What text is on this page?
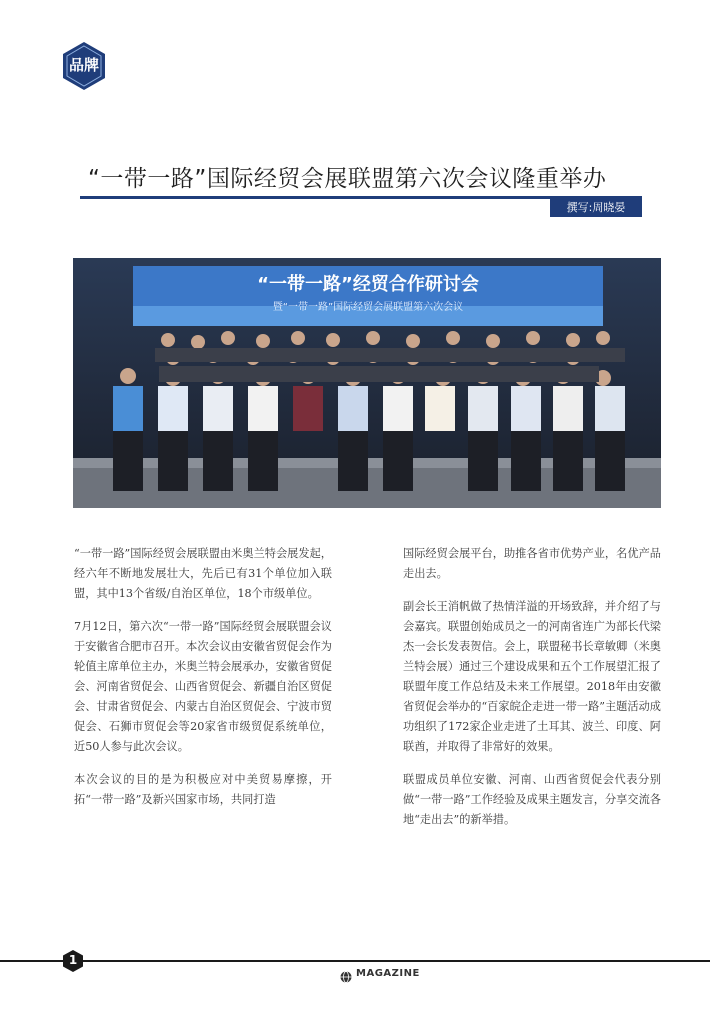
品牌
“一带一路”国际经贸会展联盟第六次会议隆重举办
撰写:周晓晏
“一带一路”经贸合作研讨会
暨“一带一路”国际经贸会展联盟第六次会议

“一带一路”国际经贸会展联盟由米奥兰特会展发起，经六年不断地发展壮大，先后已有31个单位加入联盟，其中13个省级/自治区单位，18个市级单位。

7月12日，第六次“一带一路”国际经贸会展联盟会议于安徽省合肥市召开。本次会议由安徽省贸促会作为轮值主席单位主办，米奥兰特会展承办，安徽省贸促会、河南省贸促会、山西省贸促会、新疆自治区贸促会、甘肃省贸促会、内蒙古自治区贸促会、宁波市贸促会、石狮市贸促会等20家省市级贸促系统单位，近50人参与此次会议。

本次会议的目的是为积极应对中美贸易摩擦，开拓“一带一路”及新兴国家市场，共同打造

国际经贸会展平台，助推各省市优势产业，名优产品走出去。

副会长王消帆做了热情洋溢的开场致辞，并介绍了与会嘉宾。联盟创始成员之一的河南省连广为部长代梁杰一会长发表贺信。会上，联盟秘书长章敏卿（米奥兰特会展）通过三个建设成果和五个工作展望汇报了联盟年度工作总结及未来工作展望。2018年由安徽省贸促会举办的“百家皖企走进一带一路”主题活动成功组织了172家企业走进了土耳其、波兰、印度、阿联酋，并取得了非常好的效果。

联盟成员单位安徽、河南、山西省贸促会代表分别做“一带一路”工作经验及成果主题发言，分享交流各地“走出去”的新举措。

1
MAGAZINE
